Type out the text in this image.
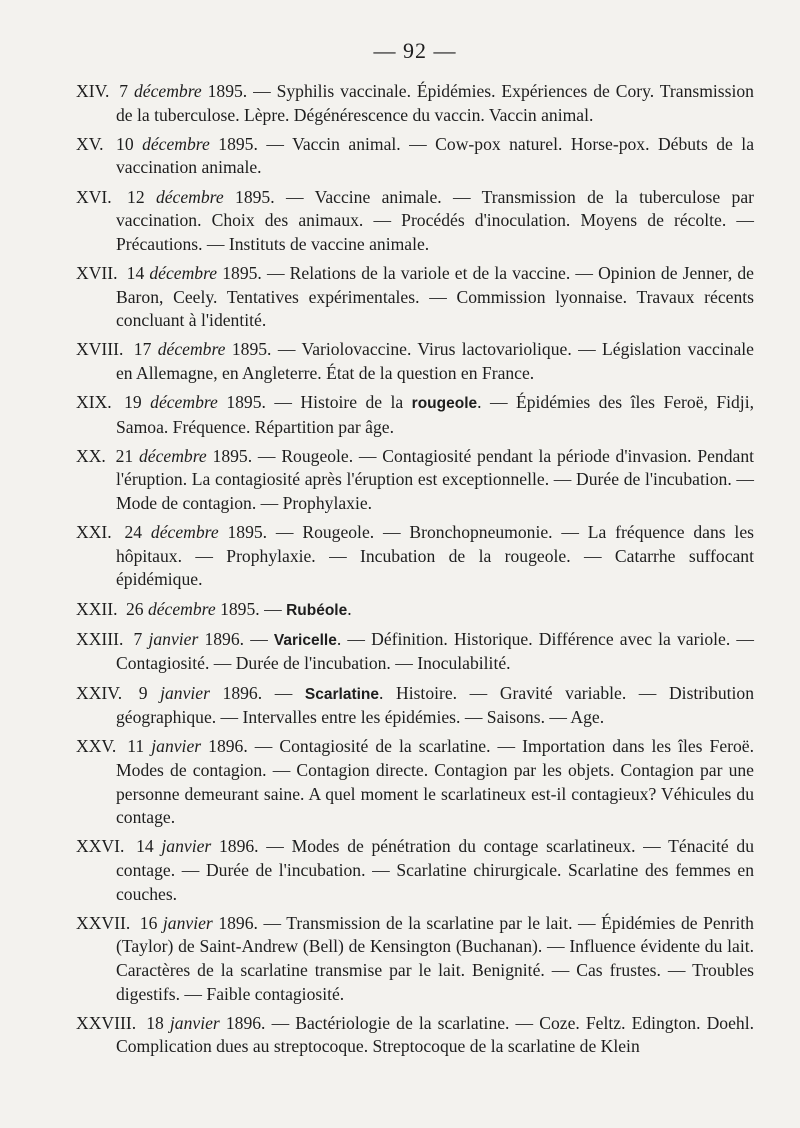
— 92 —

XIV. 7 décembre 1895. — Syphilis vaccinale. Épidémies. Expériences de Cory. Transmission de la tuberculose. Lèpre. Dégénérescence du vaccin. Vaccin animal.

XV. 10 décembre 1895. — Vaccin animal. — Cow-pox naturel. Horse-pox. Débuts de la vaccination animale.

XVI. 12 décembre 1895. — Vaccine animale. — Transmission de la tuberculose par vaccination. Choix des animaux. — Procédés d'inoculation. Moyens de récolte. — Précautions. — Instituts de vaccine animale.

XVII. 14 décembre 1895. — Relations de la variole et de la vaccine. — Opinion de Jenner, de Baron, Ceely. Tentatives expérimentales. — Commission lyonnaise. Travaux récents concluant à l'identité.

XVIII. 17 décembre 1895. — Variolovaccine. Virus lactovariolique. — Législation vaccinale en Allemagne, en Angleterre. État de la question en France.

XIX. 19 décembre 1895. — Histoire de la rougeole. — Épidémies des îles Feroë, Fidji, Samoa. Fréquence. Répartition par âge.

XX. 21 décembre 1895. — Rougeole. — Contagiosité pendant la période d'invasion. Pendant l'éruption. La contagiosité après l'éruption est exceptionnelle. — Durée de l'incubation. — Mode de contagion. — Prophylaxie.

XXI. 24 décembre 1895. — Rougeole. — Bronchopneumonie. — La fréquence dans les hôpitaux. — Prophylaxie. — Incubation de la rougeole. — Catarrhe suffocant épidémique.

XXII. 26 décembre 1895. — Rubéole.

XXIII. 7 janvier 1896. — Varicelle. — Définition. Historique. Différence avec la variole. — Contagiosité. — Durée de l'incubation. — Inoculabilité.

XXIV. 9 janvier 1896. — Scarlatine. Histoire. — Gravité variable. — Distribution géographique. — Intervalles entre les épidémies. — Saisons. — Age.

XXV. 11 janvier 1896. — Contagiosité de la scarlatine. — Importation dans les îles Feroë. Modes de contagion. — Contagion directe. Contagion par les objets. Contagion par une personne demeurant saine. A quel moment le scarlatineux est-il contagieux? Véhicules du contage.

XXVI. 14 janvier 1896. — Modes de pénétration du contage scarlatineux. — Ténacité du contage. — Durée de l'incubation. — Scarlatine chirurgicale. Scarlatine des femmes en couches.

XXVII. 16 janvier 1896. — Transmission de la scarlatine par le lait. — Épidémies de Penrith (Taylor) de Saint-Andrew (Bell) de Kensington (Buchanan). — Influence évidente du lait. Caractères de la scarlatine transmise par le lait. Benignité. — Cas frustes. — Troubles digestifs. — Faible contagiosité.

XXVIII. 18 janvier 1896. — Bactériologie de la scarlatine. — Coze. Feltz. Edington. Doehl. Complication dues au streptocoque. Streptocoque de la scarlatine de Klein
